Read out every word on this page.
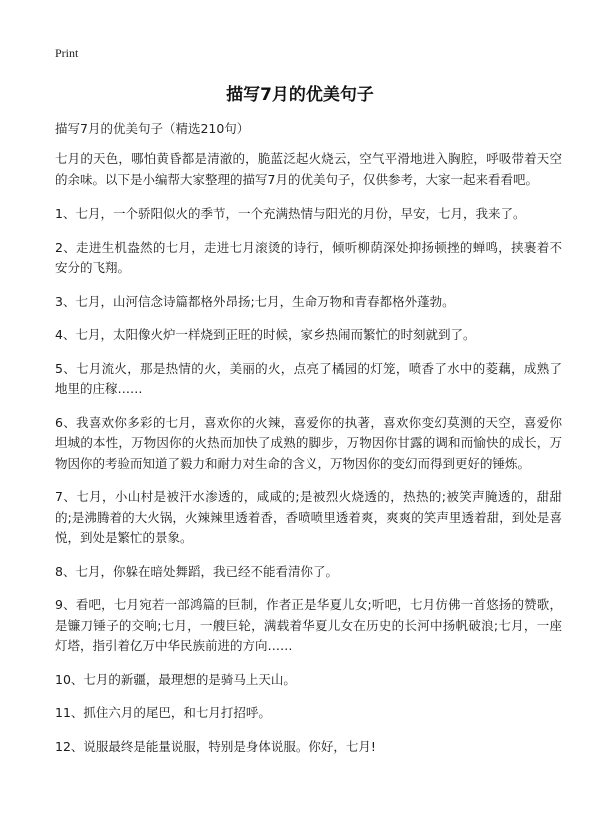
Print
描写7月的优美句子
描写7月的优美句子（精选210句）
七月的天色，哪怕黄昏都是清澈的，脆蓝泛起火烧云，空气平滑地进入胸腔，呼吸带着天空的余味。以下是小编帮大家整理的描写7月的优美句子，仅供参考，大家一起来看看吧。
1、七月，一个骄阳似火的季节，一个充满热情与阳光的月份，早安，七月，我来了。
2、走进生机盎然的七月，走进七月滚烫的诗行，倾听柳荫深处抑扬顿挫的蝉鸣，挟裹着不安分的飞翔。
3、七月，山河信念诗篇都格外昂扬;七月，生命万物和青春都格外蓬勃。
4、七月，太阳像火炉一样烧到正旺的时候，家乡热闹而繁忙的时刻就到了。
5、七月流火，那是热情的火，美丽的火，点亮了橘园的灯笼，喷香了水中的菱藕，成熟了地里的庄稼……
6、我喜欢你多彩的七月，喜欢你的火辣，喜爱你的执著，喜欢你变幻莫测的天空，喜爱你坦城的本性，万物因你的火热而加快了成熟的脚步，万物因你甘露的调和而愉快的成长，万物因你的考验而知道了毅力和耐力对生命的含义，万物因你的变幻而得到更好的锤炼。
7、七月，小山村是被汗水渗透的，咸咸的;是被烈火烧透的，热热的;被笑声腌透的，甜甜的;是沸腾着的大火锅，火辣辣里透着香，香喷喷里透着爽，爽爽的笑声里透着甜，到处是喜悦，到处是繁忙的景象。
8、七月，你躲在暗处舞蹈，我已经不能看清你了。
9、看吧，七月宛若一部鸿篇的巨制，作者正是华夏儿女;听吧，七月仿佛一首悠扬的赞歌，是镰刀锤子的交响;七月，一艘巨轮，满载着华夏儿女在历史的长河中扬帆破浪;七月，一座灯塔，指引着亿万中华民族前进的方向……
10、七月的新疆，最理想的是骑马上天山。
11、抓住六月的尾巴，和七月打招呼。
12、说服最终是能量说服，特别是身体说服。你好，七月!
